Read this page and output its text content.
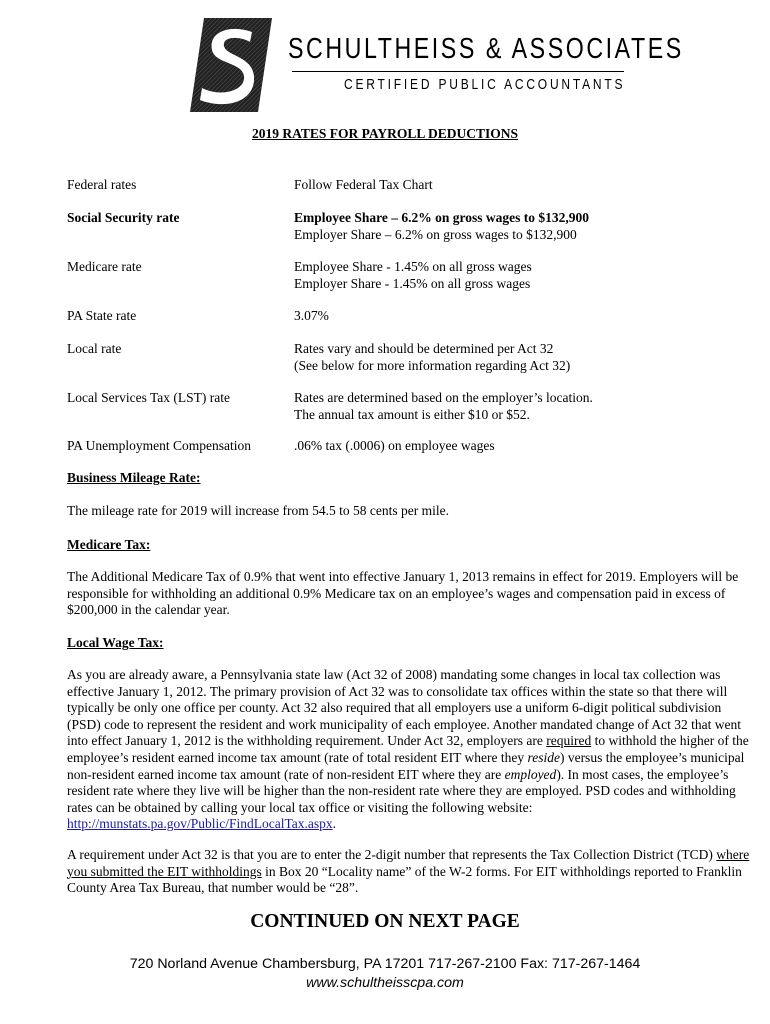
SCHULTHEISS & ASSOCIATES
CERTIFIED PUBLIC ACCOUNTANTS
2019 RATES FOR PAYROLL DEDUCTIONS
Federal rates	Follow Federal Tax Chart
Social Security rate	Employee Share – 6.2% on gross wages to $132,900
Employer Share – 6.2% on gross wages to $132,900
Medicare rate	Employee Share - 1.45% on all gross wages
Employer Share - 1.45% on all gross wages
PA State rate	3.07%
Local rate	Rates vary and should be determined per Act 32
(See below for more information regarding Act 32)
Local Services Tax (LST) rate	Rates are determined based on the employer’s location.
The annual tax amount is either $10 or $52.
PA Unemployment Compensation	.06% tax (.0006) on employee wages
Business Mileage Rate:
The mileage rate for 2019 will increase from 54.5 to 58 cents per mile.
Medicare Tax:
The Additional Medicare Tax of 0.9% that went into effective January 1, 2013 remains in effect for 2019. Employers will be responsible for withholding an additional 0.9% Medicare tax on an employee’s wages and compensation paid in excess of $200,000 in the calendar year.
Local Wage Tax:
As you are already aware, a Pennsylvania state law (Act 32 of 2008) mandating some changes in local tax collection was effective January 1, 2012. The primary provision of Act 32 was to consolidate tax offices within the state so that there will typically be only one office per county. Act 32 also required that all employers use a uniform 6-digit political subdivision (PSD) code to represent the resident and work municipality of each employee. Another mandated change of Act 32 that went into effect January 1, 2012 is the withholding requirement. Under Act 32, employers are required to withhold the higher of the employee’s resident earned income tax amount (rate of total resident EIT where they reside) versus the employee’s municipal non-resident earned income tax amount (rate of non-resident EIT where they are employed). In most cases, the employee’s resident rate where they live will be higher than the non-resident rate where they are employed. PSD codes and withholding rates can be obtained by calling your local tax office or visiting the following website: http://munstats.pa.gov/Public/FindLocalTax.aspx.
A requirement under Act 32 is that you are to enter the 2-digit number that represents the Tax Collection District (TCD) where you submitted the EIT withholdings in Box 20 “Locality name” of the W-2 forms. For EIT withholdings reported to Franklin County Area Tax Bureau, that number would be “28”.
CONTINUED ON NEXT PAGE
720 Norland Avenue Chambersburg, PA 17201 717-267-2100 Fax: 717-267-1464
www.schultheisscpa.com
